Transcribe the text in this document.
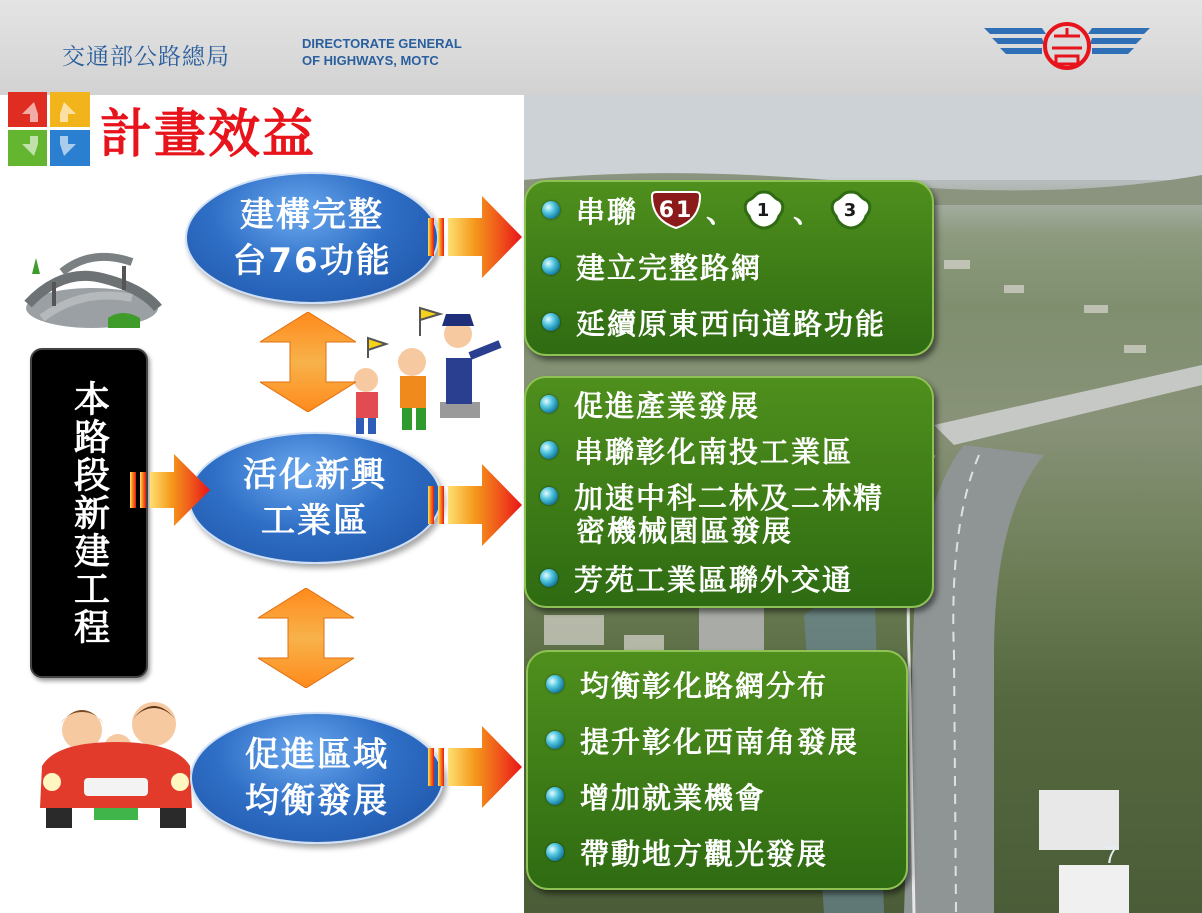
交通部公路總局
DIRECTORATE GENERAL
OF HIGHWAYS, MOTC
計畫效益
本路段新建工程
建構完整
台76功能
活化新興
工業區
促進區域
均衡發展
串聯 61 、 1 、 3
建立完整路網
延續原東西向道路功能
促進產業發展
串聯彰化南投工業區
加速中科二林及二林精
密機械園區發展
芳苑工業區聯外交通
均衡彰化路網分布
提升彰化西南角發展
增加就業機會
帶動地方觀光發展	7
